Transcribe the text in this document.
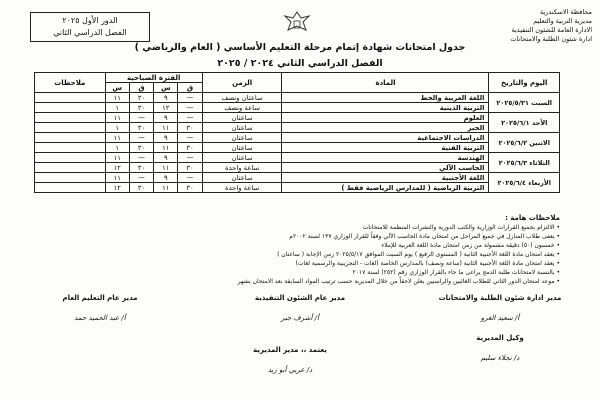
محافظة الاسكندرية
مديرية التربية والتعليم
الادارة العامة للشئون التنفيذية
ادارة شئون الطلبة والامتحانات
الدور الأول ٢٠٢٥
الفصل الدراسي الثاني
جدول امتحانات شهادة إتمام مرحلة التعليم الأساسي ( العام والرياضي )
الفصل الدراسي الثاني ٢٠٢٤ / ٢٠٢٥
اليوم والتاريخ	المادة	الزمن	الفترة الصباحية				ملاحظات
			ق	س	ق	س	
السبت ٢٠٢٥/٥/٣١	اللغة العربية والخط	ساعتان ونصف	—	٩	٣٠	١١	
	التربية الدينية	ساعة ونصف	—	١٢	٣٠	١	
الأحد ٢٠٢٥/٦/١	العلوم	ساعتان	—	٩	—	١١	
	الجبر	ساعتان	٣٠	١١	٣٠	١	
الاثنين ٢٠٢٥/٦/٢	الدراسات الاجتماعية	ساعتان	—	٩	—	١١	
	التربية الفنية	ساعتان	٣٠	١١	٣٠	١	
الثلاثاء ٢٠٢٥/٦/٣	الهندسة	ساعتان	—	٩	—	١١	
	الحاسب الآلي	ساعة واحدة	٣٠	١١	٣٠	١٢	
الأربعاء ٢٠٢٥/٦/٤	اللغة الأجنبية	ساعتان	—	٩	—	١١	
	التربية الرياضية ( للمدارس الرياضية فقط )	ساعة واحدة	٣٠	١١	٣٠	١٢	
ملاحظات هامة :
• الالتزام بجميع القرارات الوزارية والكتب الدورية والنشرات المنظمة للامتحانات
• يعفى طلاب المنازل في جميع المراحل من امتحان مادة الحاسب الآلي وفقاً للقرار الوزاري ١٣٧ لسنة ٢٠٠٢م
• خمسون (٥٠) دقيقة مشمولة من زمن امتحان مادة اللغة العربية للإملاء
• يعقد امتحان مادة اللغة الأجنبية الثانية ( المستوى الرفيع ) يوم السبت الموافق ٢٠٢٥/٥/١٧ زمن الإجابة ( ساعتان )
• يعقد امتحان مادة اللغة الأجنبية الثانية (ساعة ونصف) بالمدارس الخاصة (لغات - التجريبية والرسمية لغات)
• بالنسبة لامتحانات طلبة الدمج يراعى ما جاء بالقرار الوزاري رقم (٢٥٢) لسنة ٢٠١٧
• موعد امتحان الدور الثاني للطلاب الغائبين والراسبين يعلن لاحقاً من خلال المديرية حسب ترتيب المواد السابقة بعد الامتحان بشهر
مدير عام التعليم العام
أ/ عبد الحميد حمد
مدير عام الشئون التنفيذية
أ/ أشرف جبر
مدير ادارة شئون الطلبة والامتحانات
أ/ سعيد الغرو
يعتمد ،، مدير المديرية
د/ عربي أبو زيد
وكيل المديرية
د/ نجلاء سليم
